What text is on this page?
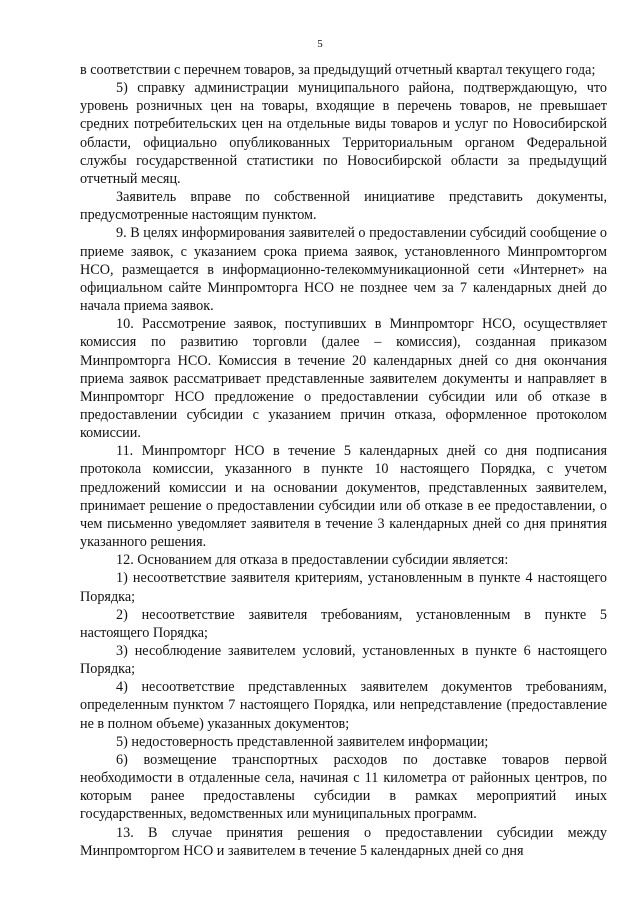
5

в соответствии с перечнем товаров, за предыдущий отчетный квартал текущего года;

5) справку администрации муниципального района, подтверждающую, что уровень розничных цен на товары, входящие в перечень товаров, не превышает средних потребительских цен на отдельные виды товаров и услуг по Новосибирской области, официально опубликованных Территориальным органом Федеральной службы государственной статистики по Новосибирской области за предыдущий отчетный месяц.

Заявитель вправе по собственной инициативе представить документы, предусмотренные настоящим пунктом.

9. В целях информирования заявителей о предоставлении субсидий сообщение о приеме заявок, с указанием срока приема заявок, установленного Минпромторгом НСО, размещается в информационно-телекоммуникационной сети «Интернет» на официальном сайте Минпромторга НСО не позднее чем за 7 календарных дней до начала приема заявок.

10. Рассмотрение заявок, поступивших в Минпромторг НСО, осуществляет комиссия по развитию торговли (далее – комиссия), созданная приказом Минпромторга НСО. Комиссия в течение 20 календарных дней со дня окончания приема заявок рассматривает представленные заявителем документы и направляет в Минпромторг НСО предложение о предоставлении субсидии или об отказе в предоставлении субсидии с указанием причин отказа, оформленное протоколом комиссии.

11. Минпромторг НСО в течение 5 календарных дней со дня подписания протокола комиссии, указанного в пункте 10 настоящего Порядка, с учетом предложений комиссии и на основании документов, представленных заявителем, принимает решение о предоставлении субсидии или об отказе в ее предоставлении, о чем письменно уведомляет заявителя в течение 3 календарных дней со дня принятия указанного решения.

12. Основанием для отказа в предоставлении субсидии является:

1) несоответствие заявителя критериям, установленным в пункте 4 настоящего Порядка;

2) несоответствие заявителя требованиям, установленным в пункте 5 настоящего Порядка;

3) несоблюдение заявителем условий, установленных в пункте 6 настоящего Порядка;

4) несоответствие представленных заявителем документов требованиям, определенным пунктом 7 настоящего Порядка, или непредставление (предоставление не в полном объеме) указанных документов;

5) недостоверность представленной заявителем информации;

6) возмещение транспортных расходов по доставке товаров первой необходимости в отдаленные села, начиная с 11 километра от районных центров, по которым ранее предоставлены субсидии в рамках мероприятий иных государственных, ведомственных или муниципальных программ.

13. В случае принятия решения о предоставлении субсидии между Минпромторгом НСО и заявителем в течение 5 календарных дней со дня
